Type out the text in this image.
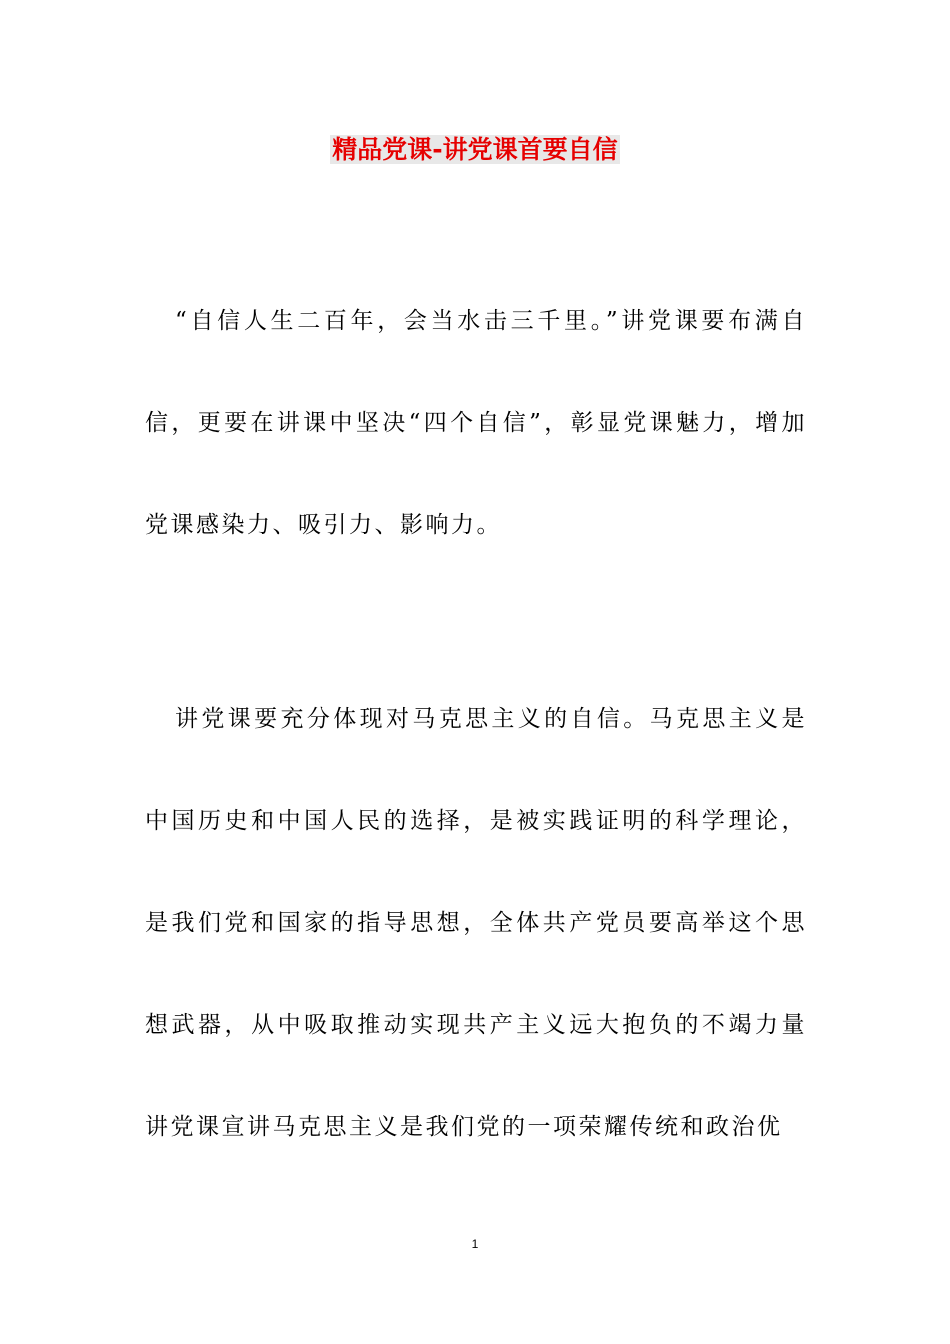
精品党课-讲党课首要自信

“自信人生二百年，会当水击三千里。”讲党课要布满自信，更要在讲课中坚决“四个自信”，彰显党课魅力，增加党课感染力、吸引力、影响力。

讲党课要充分体现对马克思主义的自信。马克思主义是中国历史和中国人民的选择，是被实践证明的科学理论，是我们党和国家的指导思想，全体共产党员要高举这个思想武器，从中吸取推动实现共产主义远大抱负的不竭力量讲党课宣讲马克思主义是我们党的一项荣耀传统和政治优

1
